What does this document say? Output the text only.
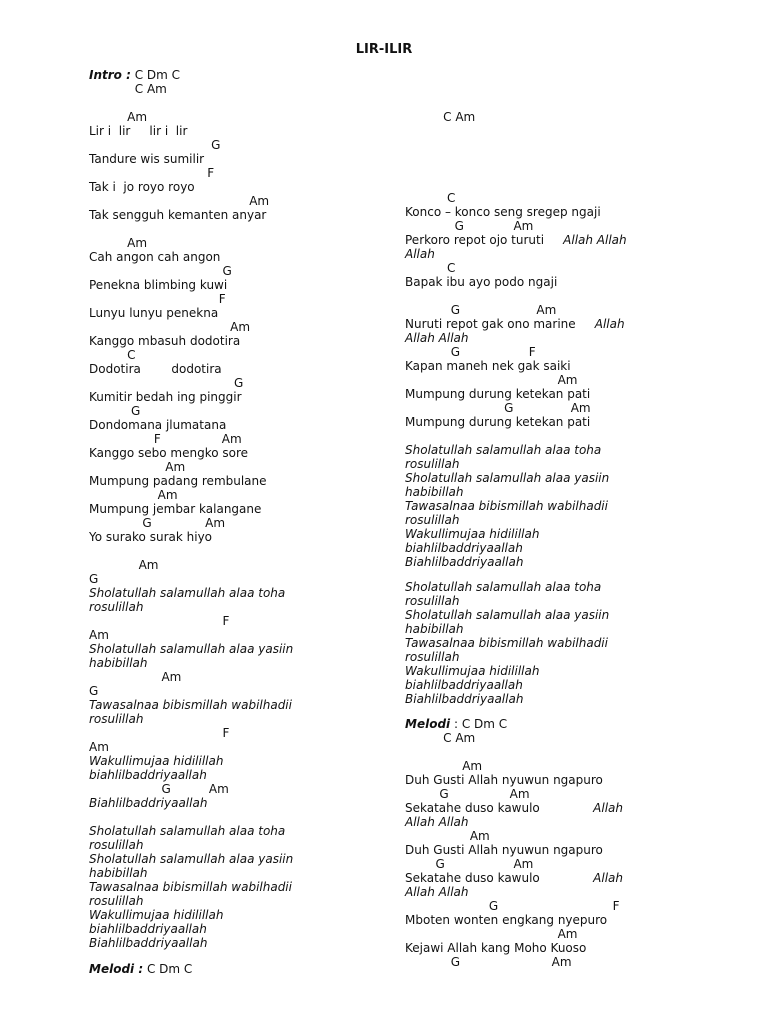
LIR-ILIR

Intro : C Dm C

C Am

Am

Lir i  lir     lir i  lir

G

Tandure wis sumilir

F

Tak i  jo royo royo

Am

Tak sengguh kemanten anyar

Am

Cah angon cah angon

G

Penekna blimbing kuwi

F

Lunyu lunyu penekna

Am

Kanggo mbasuh dodotira

C

Dodotira        dodotira

G

Kumitir bedah ing pinggir

G

Dondomana jlumatana

F                Am

Kanggo sebo mengko sore

Am

Mumpung padang rembulane

Am

Mumpung jembar kalangane

G              Am

Yo surako surak hiyo

Am

G

Sholatullah salamullah alaa toha

rosulillah

F

Am

Sholatullah salamullah alaa yasiin

habibillah

Am

G

Tawasalnaa bibismillah wabilhadii

rosulillah

F

Am

Wakullimujaa hidilillah

biahlilbaddriyaallah

G          Am

Biahlilbaddriyaallah

Sholatullah salamullah alaa toha

rosulillah

Sholatullah salamullah alaa yasiin

habibillah

Tawasalnaa bibismillah wabilhadii

rosulillah

Wakullimujaa hidilillah

biahlilbaddriyaallah

Biahlilbaddriyaallah

Melodi : C Dm C

C Am

C

Konco – konco seng sregep ngaji

G             Am

Perkoro repot ojo turuti     Allah Allah

Allah

C

Bapak ibu ayo podo ngaji

G                    Am

Nuruti repot gak ono marine     Allah

Allah Allah

G                  F

Kapan maneh nek gak saiki

Am

Mumpung durung ketekan pati

G               Am

Mumpung durung ketekan pati

Sholatullah salamullah alaa toha

rosulillah

Sholatullah salamullah alaa yasiin

habibillah

Tawasalnaa bibismillah wabilhadii

rosulillah

Wakullimujaa hidilillah

biahlilbaddriyaallah

Biahlilbaddriyaallah

Sholatullah salamullah alaa toha

rosulillah

Sholatullah salamullah alaa yasiin

habibillah

Tawasalnaa bibismillah wabilhadii

rosulillah

Wakullimujaa hidilillah

biahlilbaddriyaallah

Biahlilbaddriyaallah

Melodi : C Dm C

C Am

Am

Duh Gusti Allah nyuwun ngapuro

G                Am

Sekatahe duso kawulo              Allah

Allah Allah

Am

Duh Gusti Allah nyuwun ngapuro

G                  Am

Sekatahe duso kawulo              Allah

Allah Allah

G                              F

Mboten wonten engkang nyepuro

Am

Kejawi Allah kang Moho Kuoso

G                        Am
